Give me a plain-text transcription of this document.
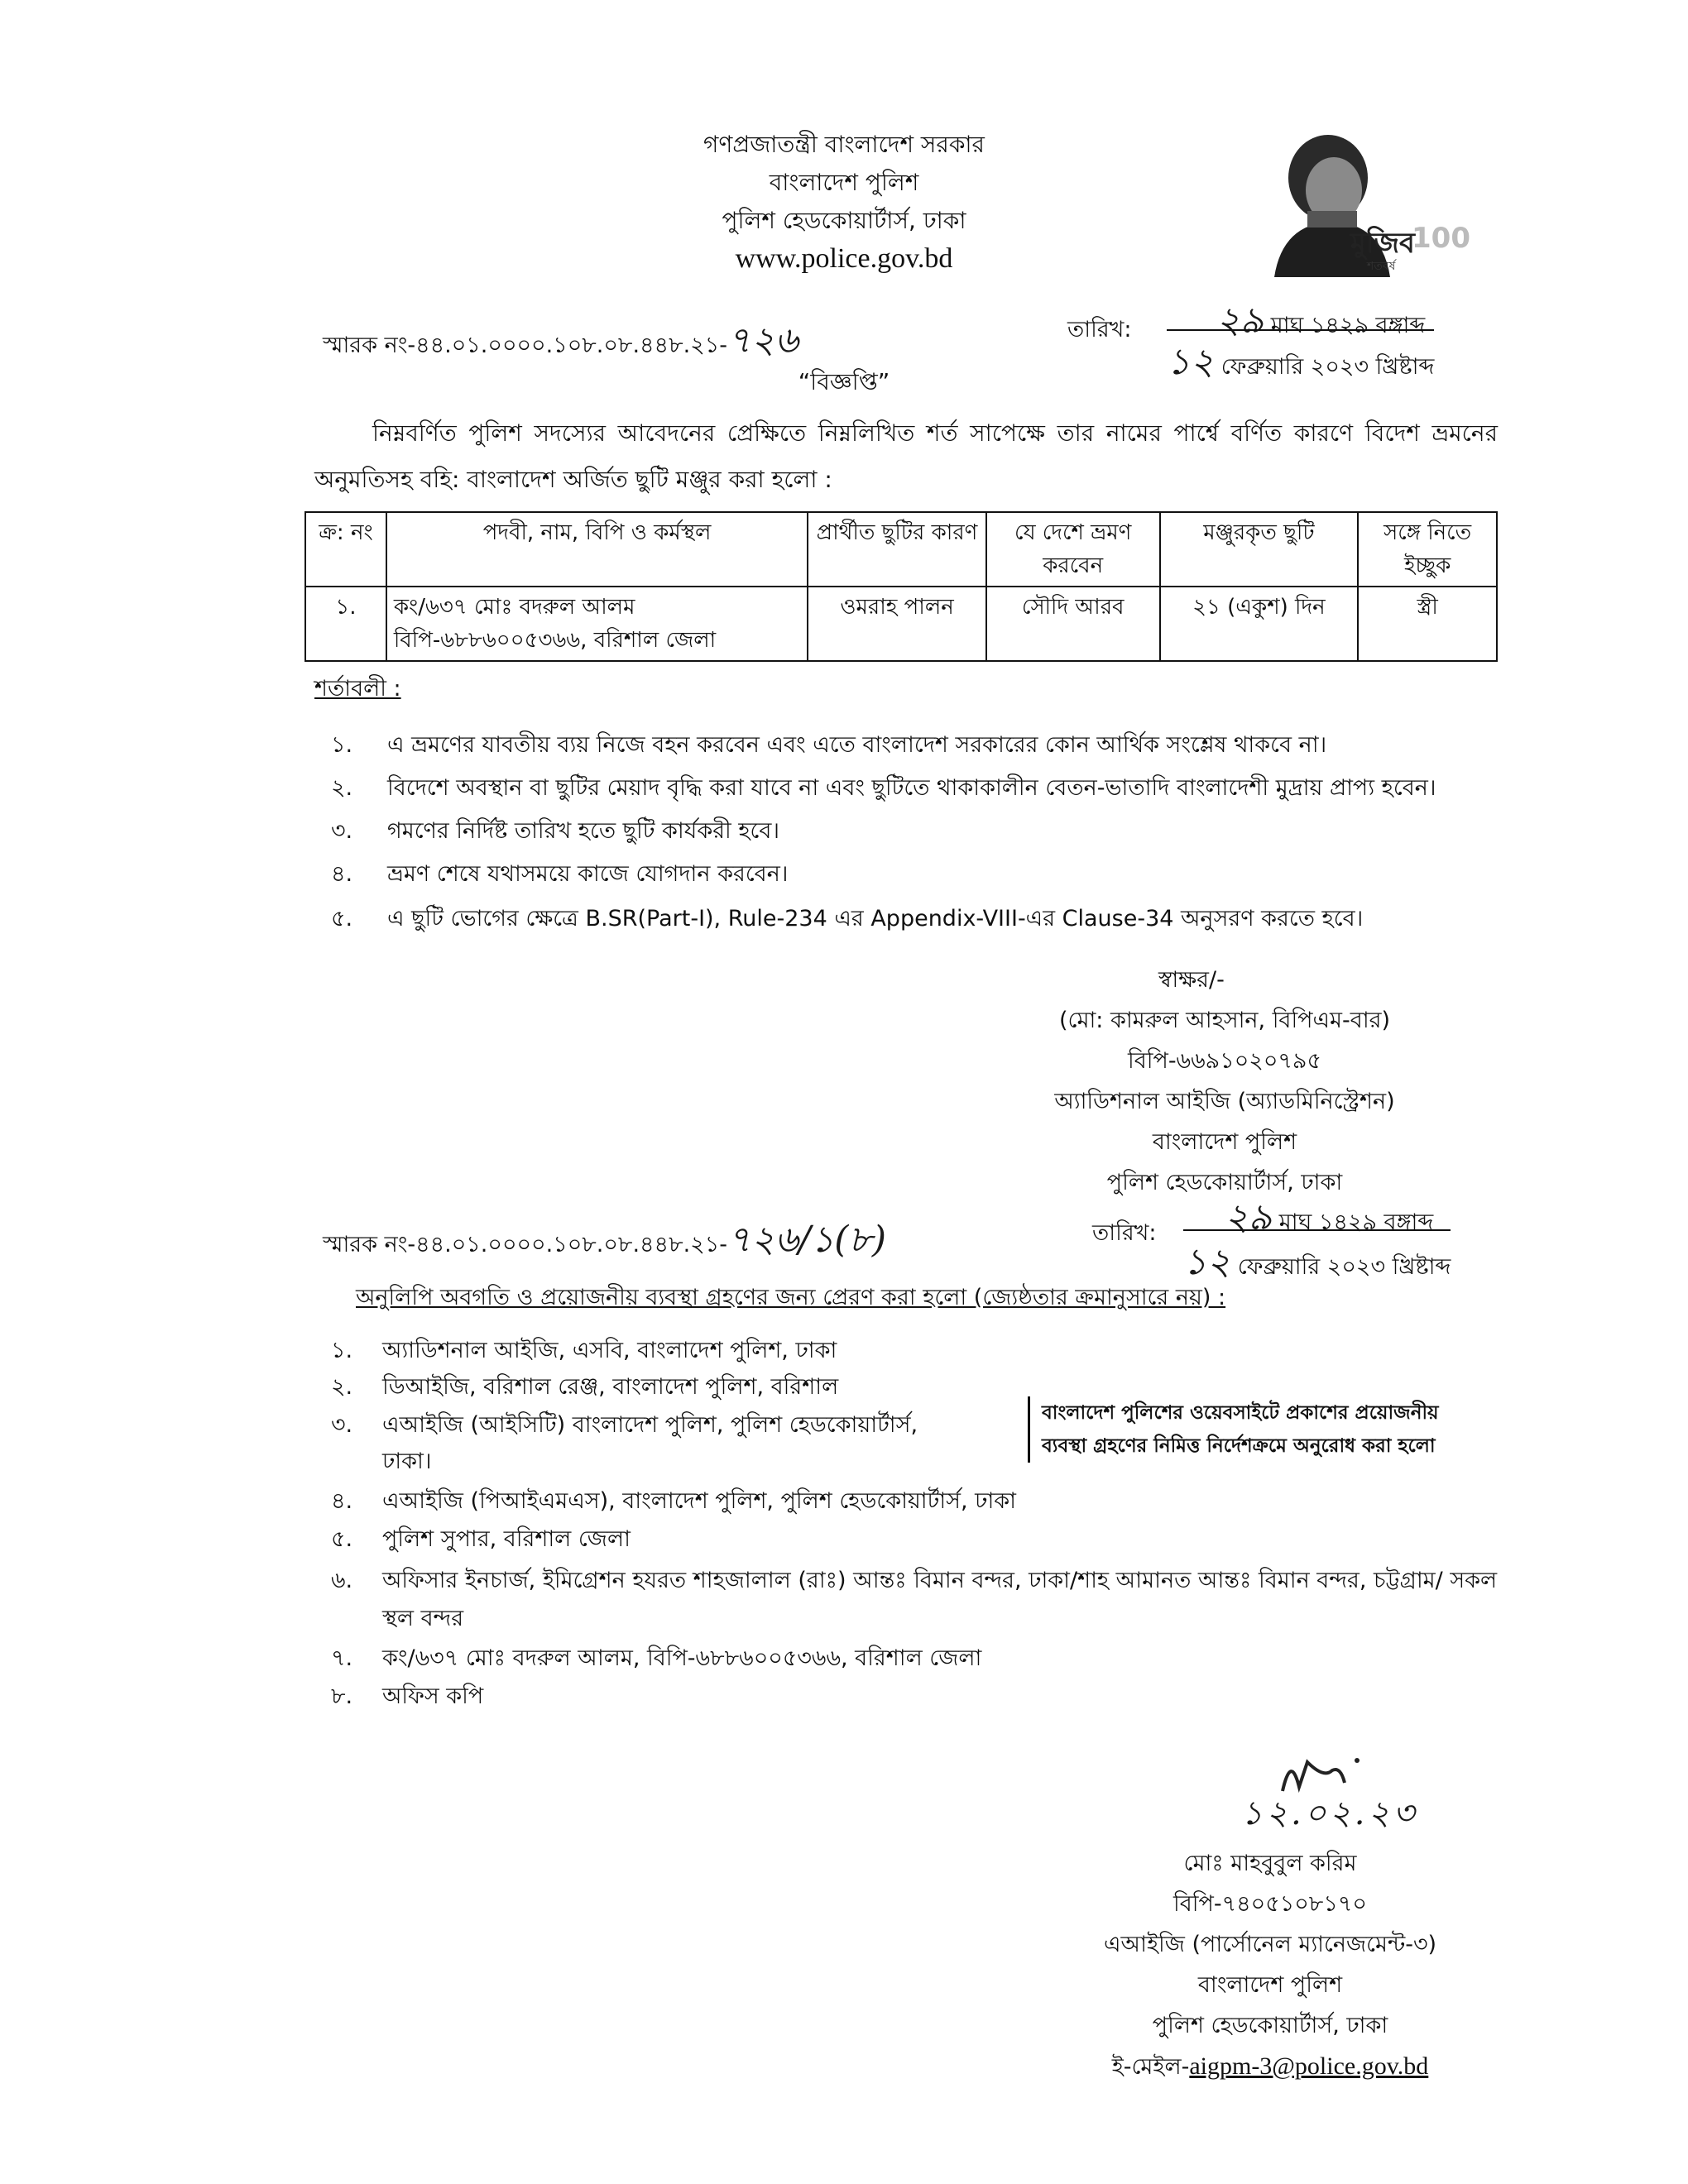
গণপ্রজাতন্ত্রী বাংলাদেশ সরকার
বাংলাদেশ পুলিশ
পুলিশ হেডকোয়ার্টার্স, ঢাকা
www.police.gov.bd	মুজিব
100
শতবর্ষ
স্মারক নং-৪৪.০১.০০০০.১০৮.০৮.৪৪৮.২১-৭২৬	তারিখ: ২৯ মাঘ ১৪২৯ বঙ্গাব্দ
১২ ফেব্রুয়ারি ২০২৩ খ্রিষ্টাব্দ
“বিজ্ঞপ্তি”
নিম্নবর্ণিত পুলিশ সদস্যের আবেদনের প্রেক্ষিতে নিম্নলিখিত শর্ত সাপেক্ষে তার নামের পার্শ্বে বর্ণিত কারণে বিদেশ ভ্রমনের অনুমতিসহ বহি: বাংলাদেশ অর্জিত ছুটি মঞ্জুর করা হলো :
ক্র: নং	পদবী, নাম, বিপি ও কর্মস্থল	প্রার্থীত ছুটির কারণ	যে দেশে ভ্রমণ করবেন	মঞ্জুরকৃত ছুটি	সঙ্গে নিতে ইচ্ছুক
১.	কং/৬৩৭ মোঃ বদরুল আলম
বিপি-৬৮৮৬০০৫৩৬৬, বরিশাল জেলা	ওমরাহ পালন	সৌদি আরব	২১ (একুশ) দিন	স্ত্রী
শর্তাবলী :
১. এ ভ্রমণের যাবতীয় ব্যয় নিজে বহন করবেন এবং এতে বাংলাদেশ সরকারের কোন আর্থিক সংশ্লেষ থাকবে না।
২. বিদেশে অবস্থান বা ছুটির মেয়াদ বৃদ্ধি করা যাবে না এবং ছুটিতে থাকাকালীন বেতন-ভাতাদি বাংলাদেশী মুদ্রায় প্রাপ্য হবেন।
৩. গমণের নির্দিষ্ট তারিখ হতে ছুটি কার্যকরী হবে।
৪. ভ্রমণ শেষে যথাসময়ে কাজে যোগদান করবেন।
৫. এ ছুটি ভোগের ক্ষেত্রে B.SR(Part-I), Rule-234 এর Appendix-VIII-এর Clause-34 অনুসরণ করতে হবে।
স্বাক্ষর/-
(মো: কামরুল আহসান, বিপিএম-বার)
বিপি-৬৬৯১০২০৭৯৫
অ্যাডিশনাল আইজি (অ্যাডমিনিস্ট্রেশন)
বাংলাদেশ পুলিশ
পুলিশ হেডকোয়ার্টার্স, ঢাকা
স্মারক নং-৪৪.০১.০০০০.১০৮.০৮.৪৪৮.২১-৭২৬/১(৮)	তারিখ: ২৯ মাঘ ১৪২৯ বঙ্গাব্দ
১২ ফেব্রুয়ারি ২০২৩ খ্রিষ্টাব্দ
অনুলিপি অবগতি ও প্রয়োজনীয় ব্যবস্থা গ্রহণের জন্য প্রেরণ করা হলো (জ্যেষ্ঠতার ক্রমানুসারে নয়) :
১. অ্যাডিশনাল আইজি, এসবি, বাংলাদেশ পুলিশ, ঢাকা
২. ডিআইজি, বরিশাল রেঞ্জ, বাংলাদেশ পুলিশ, বরিশাল
৩. এআইজি (আইসিটি) বাংলাদেশ পুলিশ, পুলিশ হেডকোয়ার্টার্স,
ঢাকা।
৪. এআইজি (পিআইএমএস), বাংলাদেশ পুলিশ, পুলিশ হেডকোয়ার্টার্স, ঢাকা
৫. পুলিশ সুপার, বরিশাল জেলা
৬. অফিসার ইনচার্জ, ইমিগ্রেশন হযরত শাহজালাল (রাঃ) আন্তঃ বিমান বন্দর, ঢাকা/শাহ আমানত আন্তঃ বিমান বন্দর, চট্টগ্রাম/ সকল
স্থল বন্দর
৭. কং/৬৩৭ মোঃ বদরুল আলম, বিপি-৬৮৮৬০০৫৩৬৬, বরিশাল জেলা
৮. অফিস কপি
বাংলাদেশ পুলিশের ওয়েবসাইটে প্রকাশের প্রয়োজনীয়
ব্যবস্থা গ্রহণের নিমিত্ত নির্দেশক্রমে অনুরোধ করা হলো
১২.০২.২৩
মোঃ মাহবুবুল করিম
বিপি-৭৪০৫১০৮১৭০
এআইজি (পার্সোনেল ম্যানেজমেন্ট-৩)
বাংলাদেশ পুলিশ
পুলিশ হেডকোয়ার্টার্স, ঢাকা
ই-মেইল-aigpm-3@police.gov.bd
